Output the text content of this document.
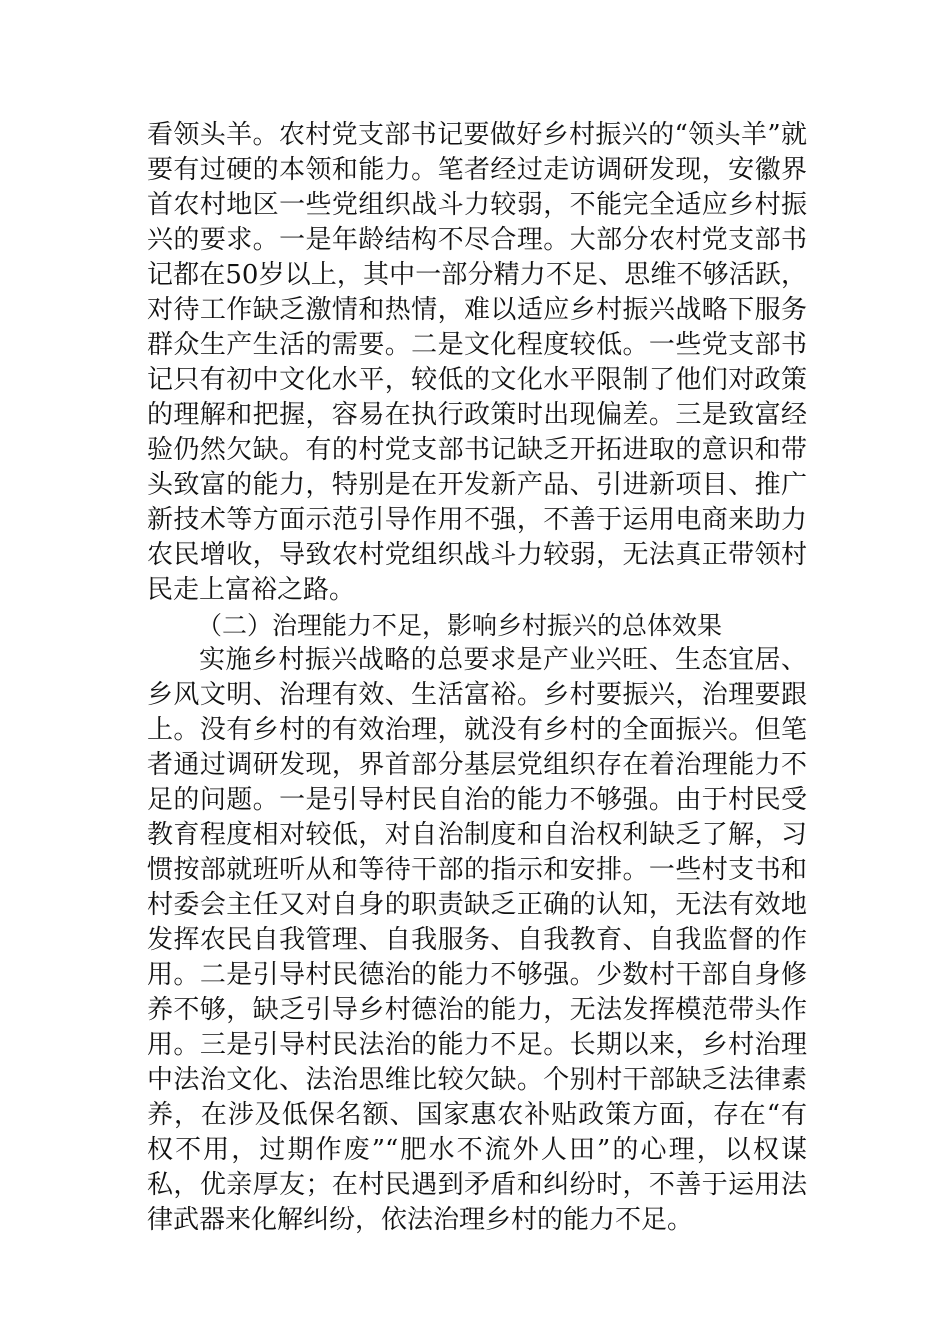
看领头羊。农村党支部书记要做好乡村振兴的“领头羊”就要有过硬的本领和能力。笔者经过走访调研发现，安徽界首农村地区一些党组织战斗力较弱，不能完全适应乡村振兴的要求。一是年龄结构不尽合理。大部分农村党支部书记都在50岁以上，其中一部分精力不足、思维不够活跃，对待工作缺乏激情和热情，难以适应乡村振兴战略下服务群众生产生活的需要。二是文化程度较低。一些党支部书记只有初中文化水平，较低的文化水平限制了他们对政策的理解和把握，容易在执行政策时出现偏差。三是致富经验仍然欠缺。有的村党支部书记缺乏开拓进取的意识和带头致富的能力，特别是在开发新产品、引进新项目、推广新技术等方面示范引导作用不强，不善于运用电商来助力农民增收，导致农村党组织战斗力较弱，无法真正带领村民走上富裕之路。

（二）治理能力不足，影响乡村振兴的总体效果

实施乡村振兴战略的总要求是产业兴旺、生态宜居、乡风文明、治理有效、生活富裕。乡村要振兴，治理要跟上。没有乡村的有效治理，就没有乡村的全面振兴。但笔者通过调研发现，界首部分基层党组织存在着治理能力不足的问题。一是引导村民自治的能力不够强。由于村民受教育程度相对较低，对自治制度和自治权利缺乏了解，习惯按部就班听从和等待干部的指示和安排。一些村支书和村委会主任又对自身的职责缺乏正确的认知，无法有效地发挥农民自我管理、自我服务、自我教育、自我监督的作用。二是引导村民德治的能力不够强。少数村干部自身修养不够，缺乏引导乡村德治的能力，无法发挥模范带头作用。三是引导村民法治的能力不足。长期以来，乡村治理中法治文化、法治思维比较欠缺。个别村干部缺乏法律素养，在涉及低保名额、国家惠农补贴政策方面，存在“有权不用，过期作废”“肥水不流外人田”的心理，以权谋私，优亲厚友；在村民遇到矛盾和纠纷时，不善于运用法律武器来化解纠纷，依法治理乡村的能力不足。
